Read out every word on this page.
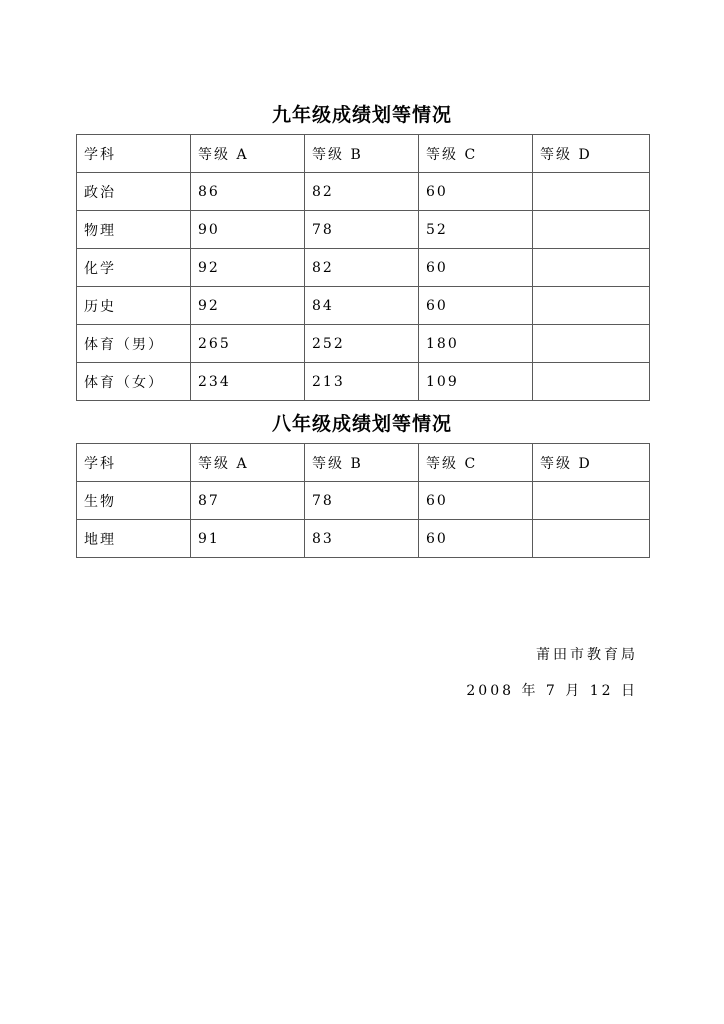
九年级成绩划等情况
学科	等级 A	等级 B	等级 C	等级 D
政治	86	82	60	
物理	90	78	52	
化学	92	82	60	
历史	92	84	60	
体育（男）	265	252	180	
体育（女）	234	213	109	
八年级成绩划等情况
学科	等级 A	等级 B	等级 C	等级 D
生物	87	78	60	
地理	91	83	60	
莆田市教育局
2008 年 7 月 12 日
